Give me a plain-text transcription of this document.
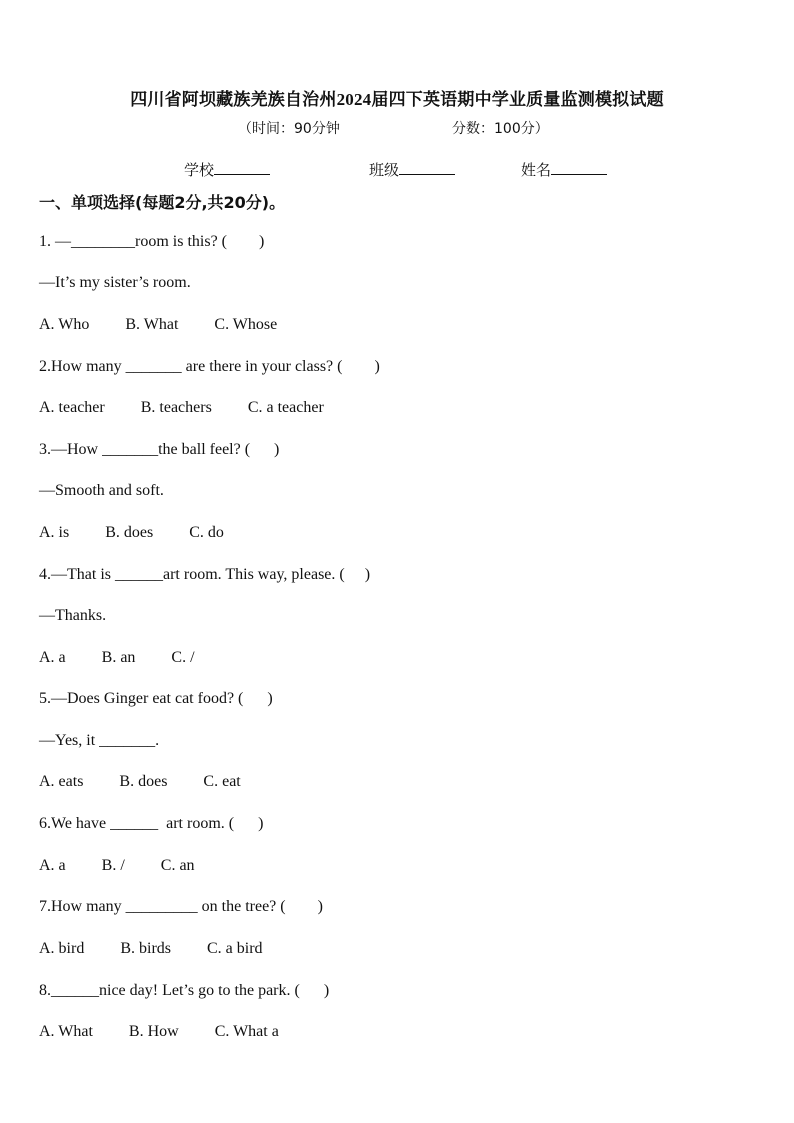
四川省阿坝藏族羌族自治州2024届四下英语期中学业质量监测模拟试题
（时间：90分钟	分数：100分）
学校	班级	姓名
一、单项选择(每题2分,共20分)。
1. —________room is this? (        )
—It’s my sister’s room.
A. Who         B. What         C. Whose
2.How many _______ are there in your class? (        )
A. teacher         B. teachers         C. a teacher
3.—How _______the ball feel? (      )
—Smooth and soft.
A. is         B. does         C. do
4.—That is ______art room. This way, please. (     )
—Thanks.
A. a         B. an         C. /
5.—Does Ginger eat cat food? (      )
—Yes, it _______.
A. eats         B. does         C. eat
6.We have ______  art room. (      )
A. a         B. /         C. an
7.How many _________ on the tree? (        )
A. bird         B. birds         C. a bird
8.______nice day! Let’s go to the park. (      )
A. What         B. How         C. What a
